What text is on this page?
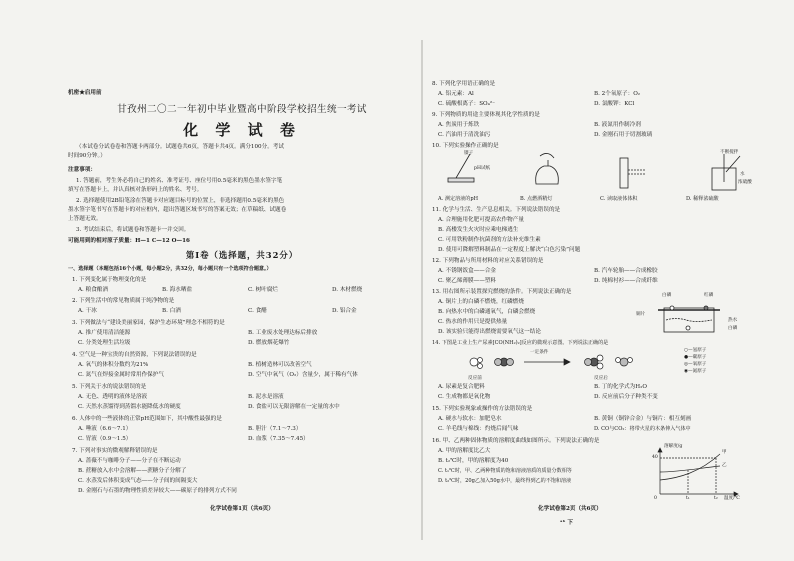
机密★启用前
甘孜州二〇二一年初中毕业暨高中阶段学校招生统一考试
化 学 试 卷
（本试卷分试卷卷和答题卡两部分。试题卷共6页，答题卡共4页。满分100分。考试
时间90分钟。）
注意事项：
1. 答题前，考生务必将自己的姓名、准考证号、座位号用0.5毫米的黑色墨水签字笔
填写在答题卡上，并认真核对条形码上的姓名、考号。
2. 选择题使用2B铅笔涂在答题卡对应题目标号的位置上，非选择题用0.5毫米的黑色
墨水签字笔书写在答题卡的对应框内，超出答题区域书写的答案无效；在草稿纸、试题卷
上答题无效。
3. 考试结束后，将试题卷和答题卡一并交回。
可能用到的相对原子质量：H—1 C—12 O—16
第Ⅰ卷（选择题，共32分）
一、选择题（本题包括16个小题，每小题2分，共32分，每小题只有一个选项符合题意。）
1. 下列变化属于物理变化的是
A. 粮食酿酒	B. 海水晒盐	C. 树叶腐烂	D. 木材燃烧
2. 下列生活中的常见物质属于纯净物的是
A. 干冰	B. 白酒	C. 食醋	D. 铝合金
3. 下列做法与“建设美丽家园，保护生态环境”理念不相符的是
A. 推广使用清洁能源	B. 工业废水处理达标后排放
C. 分类处理生活垃圾	D. 燃放烟花爆竹
4. 空气是一种宝贵的自然资源，下列说法错误的是
A. 氧气的体积分数约为21%	B. 植树造林可以改善空气
C. 氮气在焊接金属时常用作保护气	D. 空气中氧气（O₂）含量少，属于稀有气体
5. 下列关于水的说法错误的是
A. 无色、透明的液体是溶液	B. 泥水是溶液
C. 天然水蒸馏得到蒸馏水能降低水的硬度	D. 食盐可以无限溶解在一定量的水中
6. 人体中的一些液体的正常pH范围如下，其中酸性最强的是
A. 唾液（6.6～7.1）	B. 胆汁（7.1～7.3）
C. 胃液（0.9～1.5）	D. 血浆（7.35～7.45）
7. 下列对事实的微观解释错误的是
A. 蔷薇不与咖啡分子——分子在不断运动
B. 蔗糖放入水中会溶解——蔗糖分子分解了
C. 水蒸发后体积变成气态——分子间的间隔变大
D. 金刚石与石墨的物理性质差异较大——碳原子的排列方式不同
化学试卷第1页（共6页）
8. 下列化学用语正确的是
A. 铝元素：Al	B. 2个氧原子：O₂
C. 硫酸根离子：SO₄²⁻	D. 氯酸钾：KCl
9. 下列物质的用途主要体现其化学性质的是
A. 焦炭用于炼铁	B. 液氮用作制冷剂
C. 汽油用于清洗油污	D. 金刚石用于切割玻璃
10. 下列实验操作正确的是
镊子
pH试纸
不断搅拌
水
浓硫酸
A. 测定溶液的pH	B. 点燃酒精灯	C. 读取液体体积	D. 稀释浓硫酸
11. 化学与生活、生产息息相关。下列说法错误的是
A. 合理施用化肥可提高农作物产量
B. 高楼发生火灾时应乘电梯逃生
C. 可用铁粉制作抗菌剂的方法补充维生素
D. 使用可降解塑料制品在一定程度上解决“白色污染”问题
12. 下列物品与所用材料的对应关系错误的是
A. 不锈钢饭盒——合金	B. 汽车轮胎——合成橡胶
C. 聚乙烯薄膜——塑料	D. 纯棉衬衫——合成纤维
13. 用右图所示装置探究燃烧的条件。下列说法正确的是
A. 铜片上的白磷不燃烧，红磷燃烧
B. 向热水中的白磷通氧气，白磷会燃烧
C. 热水的作用只是提供热量
D. 该实验只能得出燃烧需要氧气这一结论
白磷	红磷
铜片
热水
白磷
14. 下图是工业上生产尿素[CO(NH₂)₂]反应的微观示意图。下列说法正确的是
一定条件
反应前	反应后
○—氢原子
●—碳原子
◎—氧原子
◉—氮原子
A. 尿素是复合肥料	B. 丁的化学式为H₂O
C. 生成物都是氧化物	D. 反应前后分子种类不变
15. 下列实验现象或操作的方法错误的是
A. 硬水与软水：加肥皂水	B. 黄铜（铜锌合金）与铜片：相互刻画
C. 羊毛线与棉线：灼烧后闻气味	D. CO与CO₂：将带火星的木条伸入气体中
16. 甲、乙两种固体物质的溶解度曲线如图所示。下列说法正确的是
A. 甲的溶解度比乙大
B. t₂℃时，甲的溶解度为40
C. t₁℃时，甲、乙两种物质的饱和溶液溶质的质量分数相等
D. t₂℃时，20g乙加入50g水中，最终得到乙的不饱和溶液
溶解度/g
40
甲
乙
0	t₁	t₂ 温度/℃
化学试卷第2页（共6页）
ᵃᵇ 下
